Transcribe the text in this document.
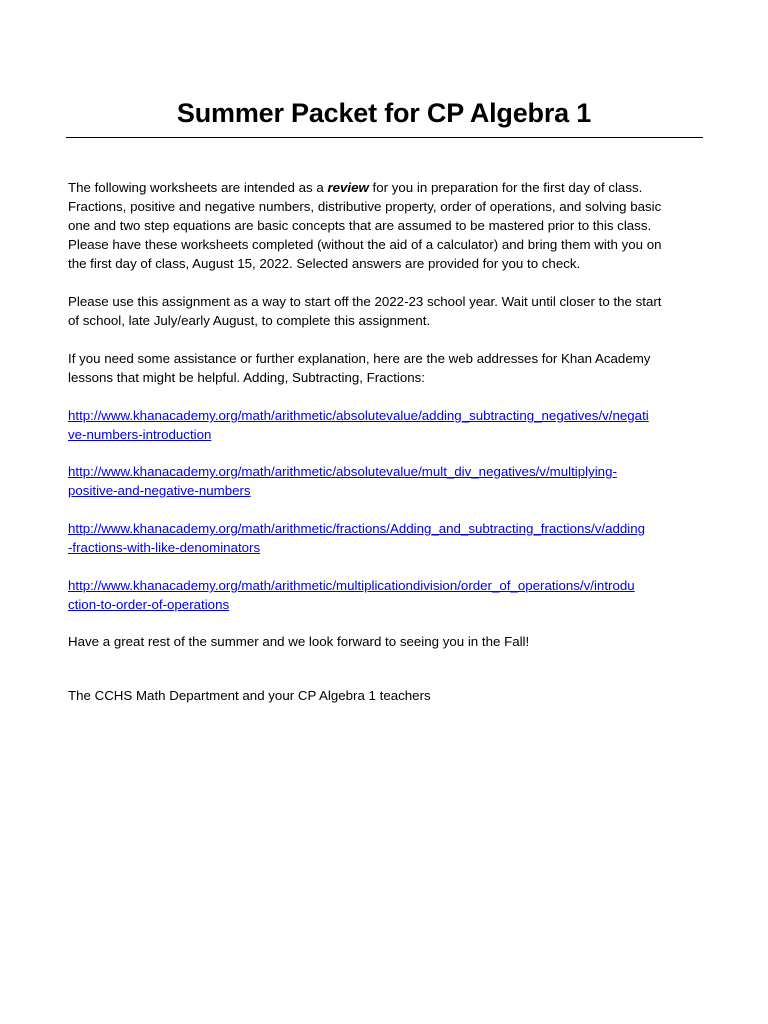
Summer Packet for CP Algebra 1
The following worksheets are intended as a review for you in preparation for the first day of class.
Fractions, positive and negative numbers, distributive property, order of operations, and solving basic
one and two step equations are basic concepts that are assumed to be mastered prior to this class.
Please have these worksheets completed (without the aid of a calculator) and bring them with you on
the first day of class, August 15, 2022. Selected answers are provided for you to check.
Please use this assignment as a way to start off the 2022-23 school year. Wait until closer to the start
of school, late July/early August, to complete this assignment.
If you need some assistance or further explanation, here are the web addresses for Khan Academy
lessons that might be helpful. Adding, Subtracting, Fractions:
http://www.khanacademy.org/math/arithmetic/absolutevalue/adding_subtracting_negatives/v/negati
ve-numbers-introduction
http://www.khanacademy.org/math/arithmetic/absolutevalue/mult_div_negatives/v/multiplying-
positive-and-negative-numbers
http://www.khanacademy.org/math/arithmetic/fractions/Adding_and_subtracting_fractions/v/adding
-fractions-with-like-denominators
http://www.khanacademy.org/math/arithmetic/multiplicationdivision/order_of_operations/v/introdu
ction-to-order-of-operations
Have a great rest of the summer and we look forward to seeing you in the Fall!
The CCHS Math Department and your CP Algebra 1 teachers
